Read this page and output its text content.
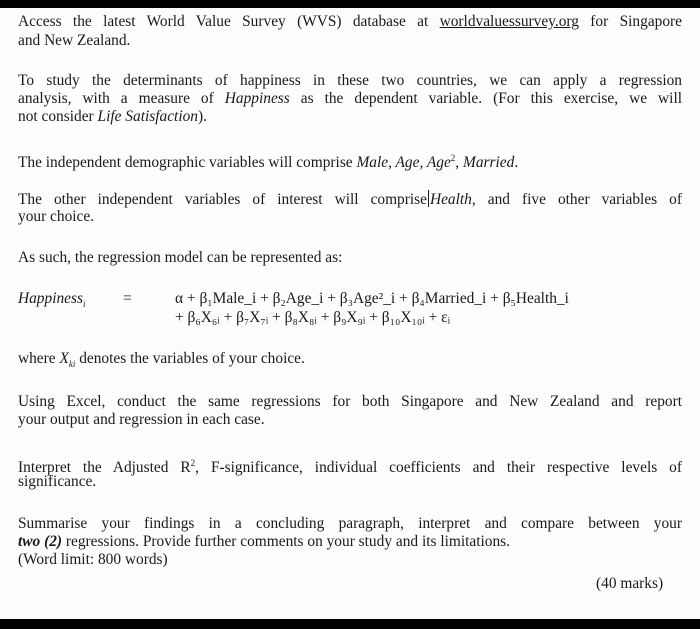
Access the latest World Value Survey (WVS) database at worldvaluessurvey.org for Singapore
and New Zealand.
To study the determinants of happiness in these two countries, we can apply a regression
analysis, with a measure of Happiness as the dependent variable. (For this exercise, we will
not consider Life Satisfaction).
The independent demographic variables will comprise Male, Age, Age$^2$, Married.
The other independent variables of interest will comprise Health, and five other variables of
your choice.
As such, the regression model can be represented as:
Happiness$_i$ =	α + β₁Male_i + β₂Age_i + β₃Age²_i + β₄Married_i + β₅Health_i
+ β₆X₆ᵢ + β₇X₇ᵢ + β₈X₈ᵢ + β₉X₉ᵢ + β₁₀X₁₀ᵢ + εᵢ
where $X_{ki}$ denotes the variables of your choice.
Using Excel, conduct the same regressions for both Singapore and New Zealand and report
your output and regression in each case.
Interpret the Adjusted $R^2$, F-significance, individual coefficients and their respective levels of
significance.
Summarise your findings in a concluding paragraph, interpret and compare between your
two (2) regressions. Provide further comments on your study and its limitations.
(Word limit: 800 words)
(40 marks)
